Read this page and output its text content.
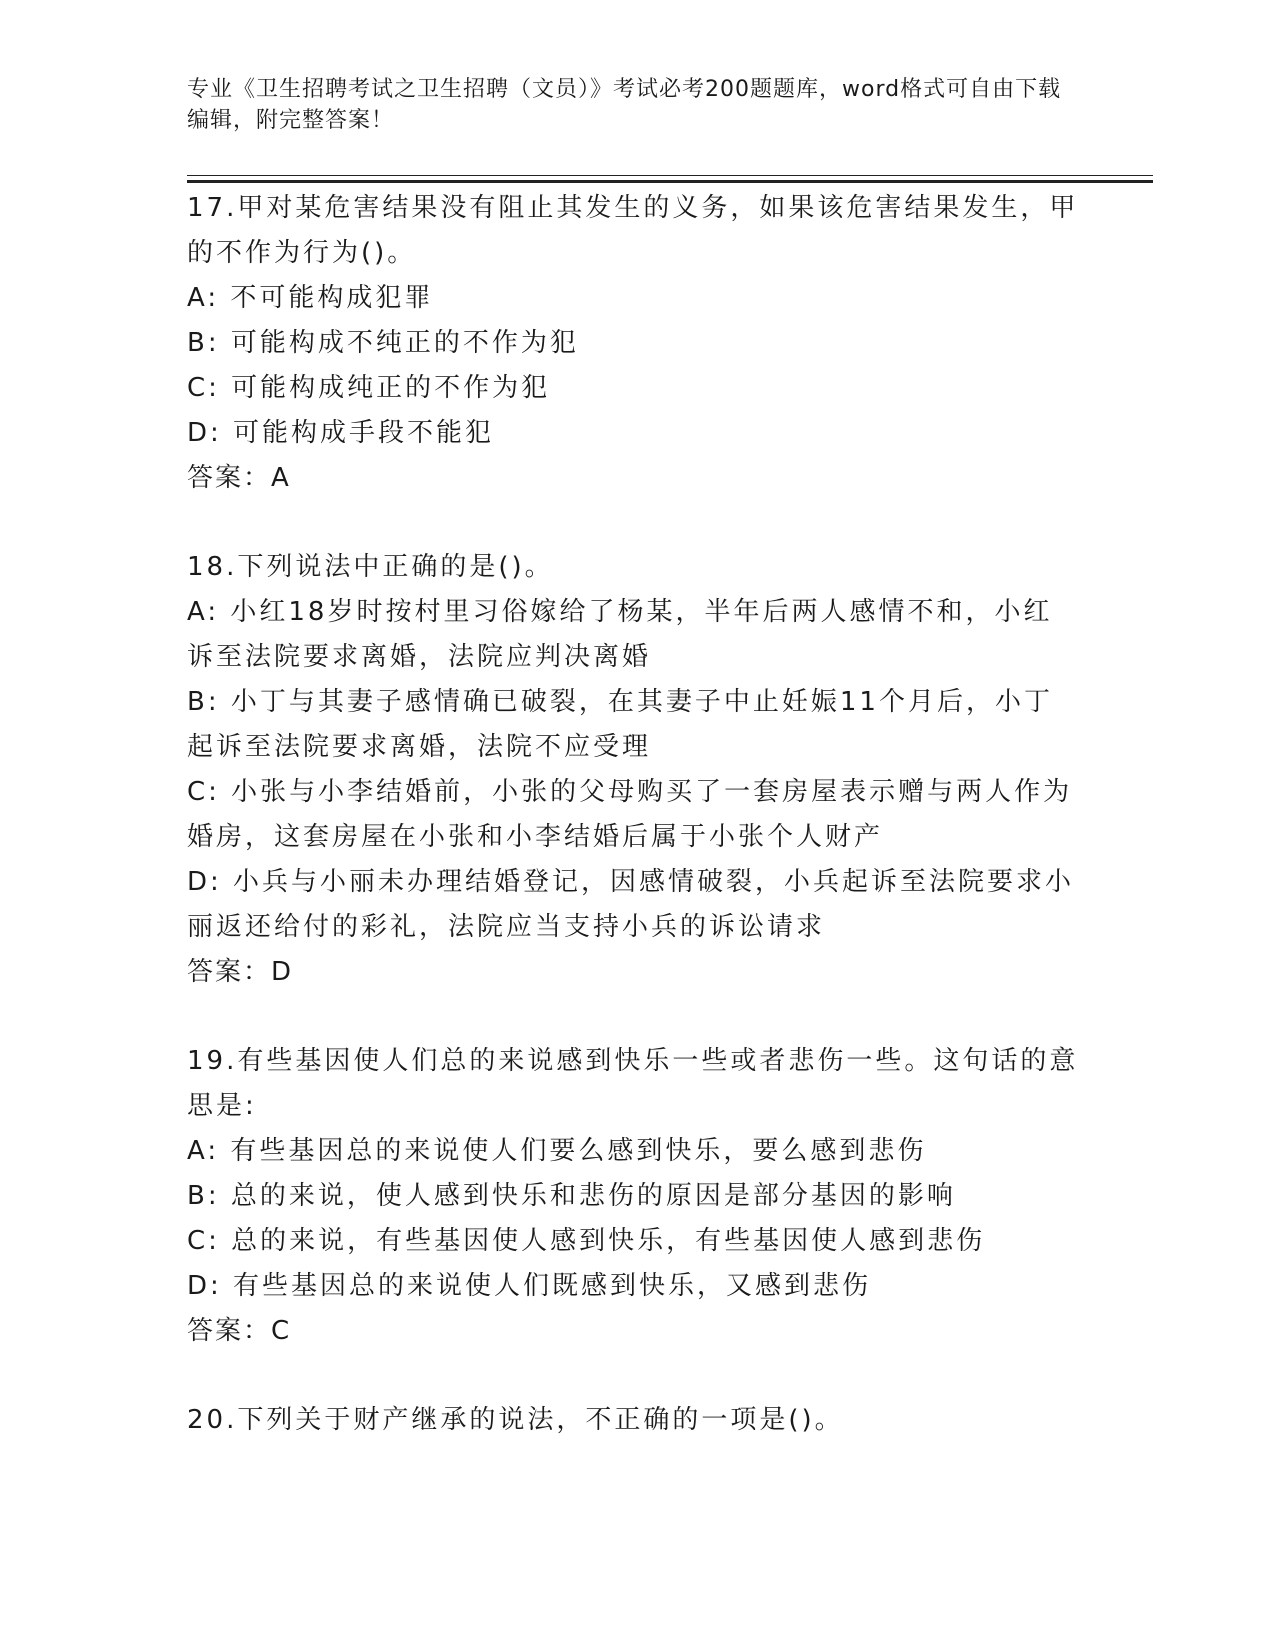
专业《卫生招聘考试之卫生招聘（文员）》考试必考200题题库，word格式可自由下载编辑，附完整答案！
17.甲对某危害结果没有阻止其发生的义务，如果该危害结果发生，甲
的不作为行为()。
A: 不可能构成犯罪
B: 可能构成不纯正的不作为犯
C: 可能构成纯正的不作为犯
D: 可能构成手段不能犯
答案：A
18.下列说法中正确的是()。
A: 小红18岁时按村里习俗嫁给了杨某，半年后两人感情不和，小红
诉至法院要求离婚，法院应判决离婚
B: 小丁与其妻子感情确已破裂，在其妻子中止妊娠11个月后，小丁
起诉至法院要求离婚，法院不应受理
C: 小张与小李结婚前，小张的父母购买了一套房屋表示赠与两人作为
婚房，这套房屋在小张和小李结婚后属于小张个人财产
D: 小兵与小丽未办理结婚登记，因感情破裂，小兵起诉至法院要求小
丽返还给付的彩礼，法院应当支持小兵的诉讼请求
答案：D
19.有些基因使人们总的来说感到快乐一些或者悲伤一些。这句话的意
思是:
A: 有些基因总的来说使人们要么感到快乐，要么感到悲伤
B: 总的来说，使人感到快乐和悲伤的原因是部分基因的影响
C: 总的来说，有些基因使人感到快乐，有些基因使人感到悲伤
D: 有些基因总的来说使人们既感到快乐，又感到悲伤
答案：C
20.下列关于财产继承的说法，不正确的一项是()。
